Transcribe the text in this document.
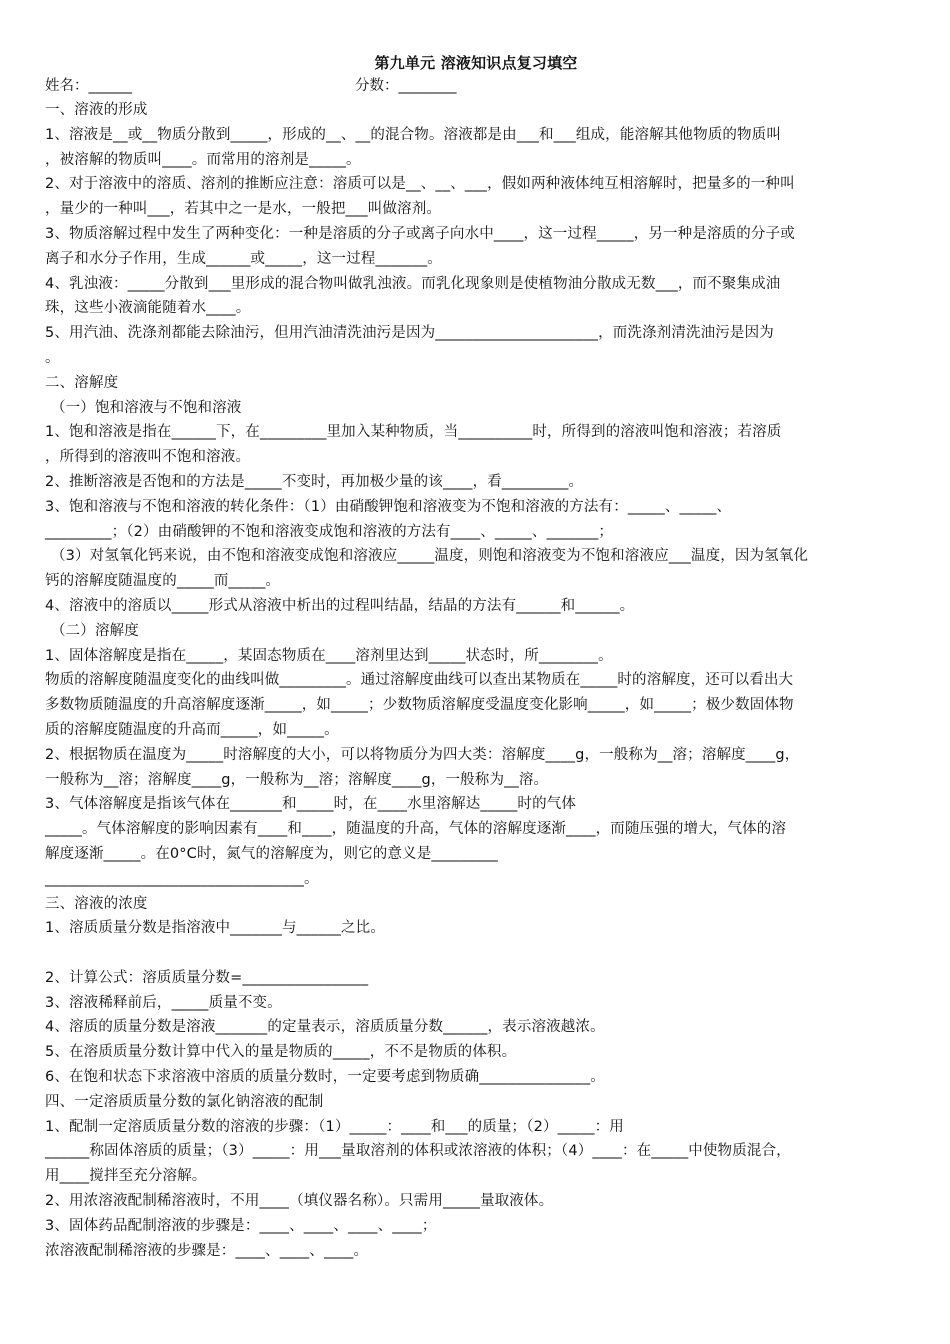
第九单元 溶液知识点复习填空
姓名：______	分数：________
一、溶液的形成
1、溶液是__或__物质分散到_____，形成的__、__的混合物。溶液都是由___和___组成，能溶解其他物质的物质叫
，被溶解的物质叫____。而常用的溶剂是_____。
2、对于溶液中的溶质、溶剂的推断应注意：溶质可以是__、__、___，假如两种液体纯互相溶解时，把量多的一种叫
，量少的一种叫___，若其中之一是水，一般把___叫做溶剂。
3、物质溶解过程中发生了两种变化：一种是溶质的分子或离子向水中____，这一过程_____，另一种是溶质的分子或
离子和水分子作用，生成______或_____，这一过程_______。
4、乳浊液：_____分散到___里形成的混合物叫做乳浊液。而乳化现象则是使植物油分散成无数___，而不聚集成油
珠，这些小液滴能随着水____。
5、用汽油、洗涤剂都能去除油污，但用汽油清洗油污是因为______________________，而洗涤剂清洗油污是因为
。
二、溶解度
（一）饱和溶液与不饱和溶液
1、饱和溶液是指在______下，在_________里加入某种物质，当__________时，所得到的溶液叫饱和溶液；若溶质
，所得到的溶液叫不饱和溶液。
2、推断溶液是否饱和的方法是_____不变时，再加极少量的该____，看_________。
3、饱和溶液与不饱和溶液的转化条件：（1）由硝酸钾饱和溶液变为不饱和溶液的方法有：_____、_____、
_________；（2）由硝酸钾的不饱和溶液变成饱和溶液的方法有____、_____、_______；
（3）对氢氧化钙来说，由不饱和溶液变成饱和溶液应_____温度，则饱和溶液变为不饱和溶液应___温度，因为氢氧化
钙的溶解度随温度的_____而_____。
4、溶液中的溶质以_____形式从溶液中析出的过程叫结晶，结晶的方法有______和______。
（二）溶解度
1、固体溶解度是指在_____，某固态物质在____溶剂里达到_____状态时，所________。
物质的溶解度随温度变化的曲线叫做_________。通过溶解度曲线可以查出某物质在_____时的溶解度，还可以看出大
多数物质随温度的升高溶解度逐渐_____，如_____；少数物质溶解度受温度变化影响_____，如_____；极少数固体物
质的溶解度随温度的升高而_____，如_____。
2、根据物质在温度为_____时溶解度的大小，可以将物质分为四大类：溶解度____g，一般称为__溶；溶解度____g，
一般称为__溶；溶解度____g，一般称为__溶；溶解度____g，一般称为__溶。
3、气体溶解度是指该气体在_______和_____时，在____水里溶解达_____时的气体
_____。气体溶解度的影响因素有____和____，随温度的升高，气体的溶解度逐渐____，而随压强的增大，气体的溶
解度逐渐_____。在0°C时，氮气的溶解度为，则它的意义是_________
___________________________________。
三、溶液的浓度
1、溶质质量分数是指溶液中_______与______之比。
2、计算公式：溶质质量分数=_________________
3、溶液稀释前后，_____质量不变。
4、溶质的质量分数是溶液_______的定量表示，溶质质量分数______，表示溶液越浓。
5、在溶质质量分数计算中代入的量是物质的_____，不不是物质的体积。
6、在饱和状态下求溶液中溶质的质量分数时，一定要考虑到物质确_______________。
四、一定溶质质量分数的氯化钠溶液的配制
1、配制一定溶质质量分数的溶液的步骤：（1）_____：____和___的质量；（2）_____：用
______称固体溶质的质量；（3）_____：用___量取溶剂的体积或浓溶液的体积；（4）____：在_____中使物质混合，
用____搅拌至充分溶解。
2、用浓溶液配制稀溶液时，不用____（填仪器名称）。只需用_____量取液体。
3、固体药品配制溶液的步骤是：____、____、____、____；
浓溶液配制稀溶液的步骤是：____、____、____。
